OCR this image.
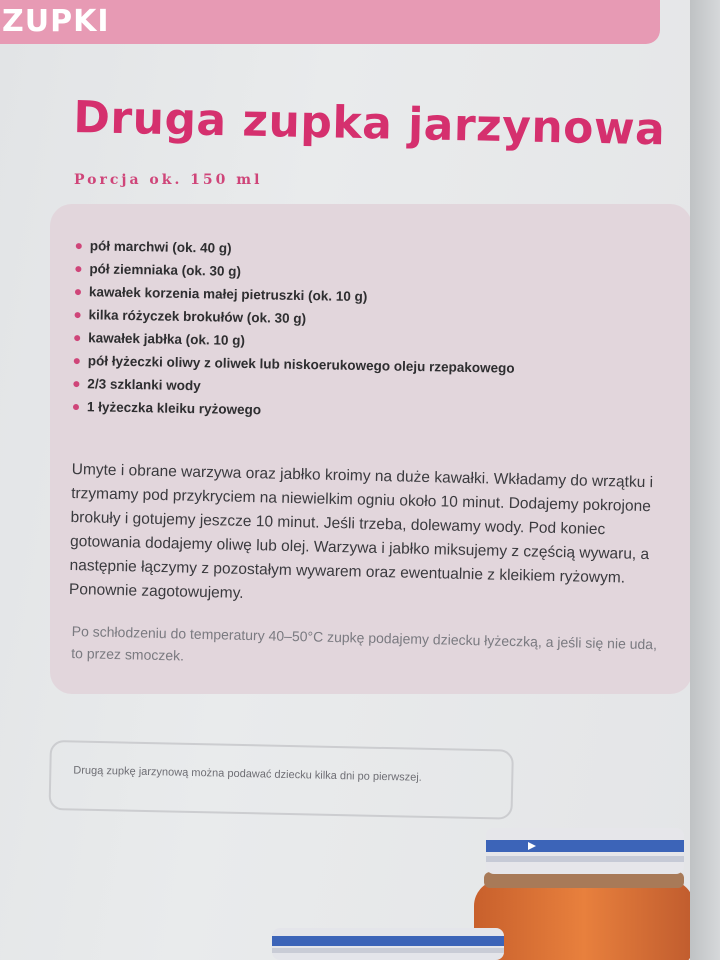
ZUPKI
Druga zupka jarzynowa
Porcja ok. 150 ml
pół marchwi (ok. 40 g)
pół ziemniaka (ok. 30 g)
kawałek korzenia małej pietruszki (ok. 10 g)
kilka różyczek brokułów (ok. 30 g)
kawałek jabłka (ok. 10 g)
pół łyżeczki oliwy z oliwek lub niskoerukowego oleju rzepakowego
2/3 szklanki wody
1 łyżeczka kleiku ryżowego

Umyte i obrane warzywa oraz jabłko kroimy na duże kawałki. Wkładamy do wrzątku i trzymamy pod przykryciem na niewielkim ogniu około 10 minut. Dodajemy pokrojone brokuły i gotujemy jeszcze 10 minut. Jeśli trzeba, dolewamy wody. Pod koniec gotowania dodajemy oliwę lub olej. Warzywa i jabłko miksujemy z częścią wywaru, a następnie łączymy z pozostałym wywarem oraz ewentualnie z kleikiem ryżowym. Ponownie zagotowujemy.

Po schłodzeniu do temperatury 40–50°C zupkę podajemy dziecku łyżeczką, a jeśli się nie uda, to przez smoczek.

Drugą zupkę jarzynową można podawać dziecku kilka dni po pierwszej.
